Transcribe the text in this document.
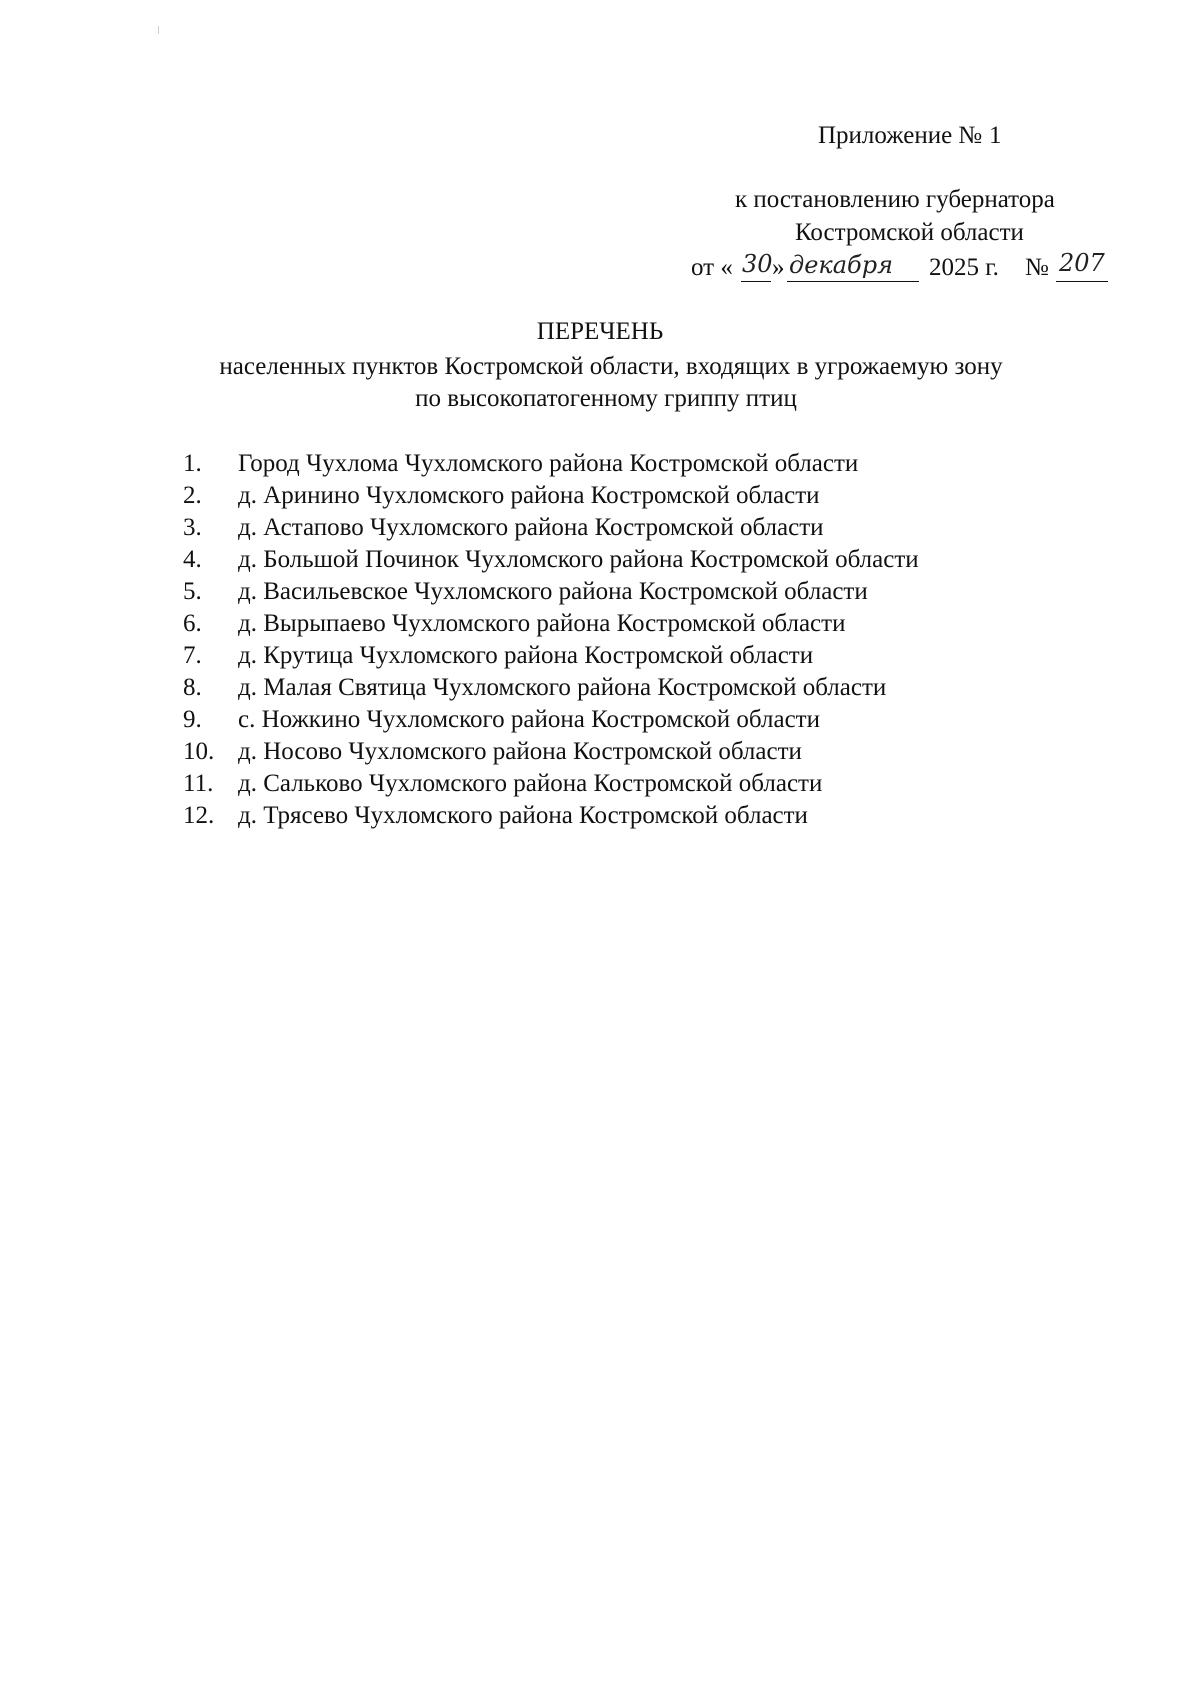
Приложение № 1
к постановлению губернатора
Костромской области
от « 30 » декабря 2025 г. № 207
ПЕРЕЧЕНЬ
населенных пунктов Костромской области, входящих в угрожаемую зону
по высокопатогенному гриппу птиц
1. Город Чухлома Чухломского района Костромской области
2. д. Аринино Чухломского района Костромской области
3. д. Астапово Чухломского района Костромской области
4. д. Большой Починок Чухломского района Костромской области
5. д. Васильевское Чухломского района Костромской области
6. д. Вырыпаево Чухломского района Костромской области
7. д. Крутица Чухломского района Костромской области
8. д. Малая Святица Чухломского района Костромской области
9. с. Ножкино Чухломского района Костромской области
10. д. Носово Чухломского района Костромской области
11. д. Сальково Чухломского района Костромской области
12. д. Трясево Чухломского района Костромской области
